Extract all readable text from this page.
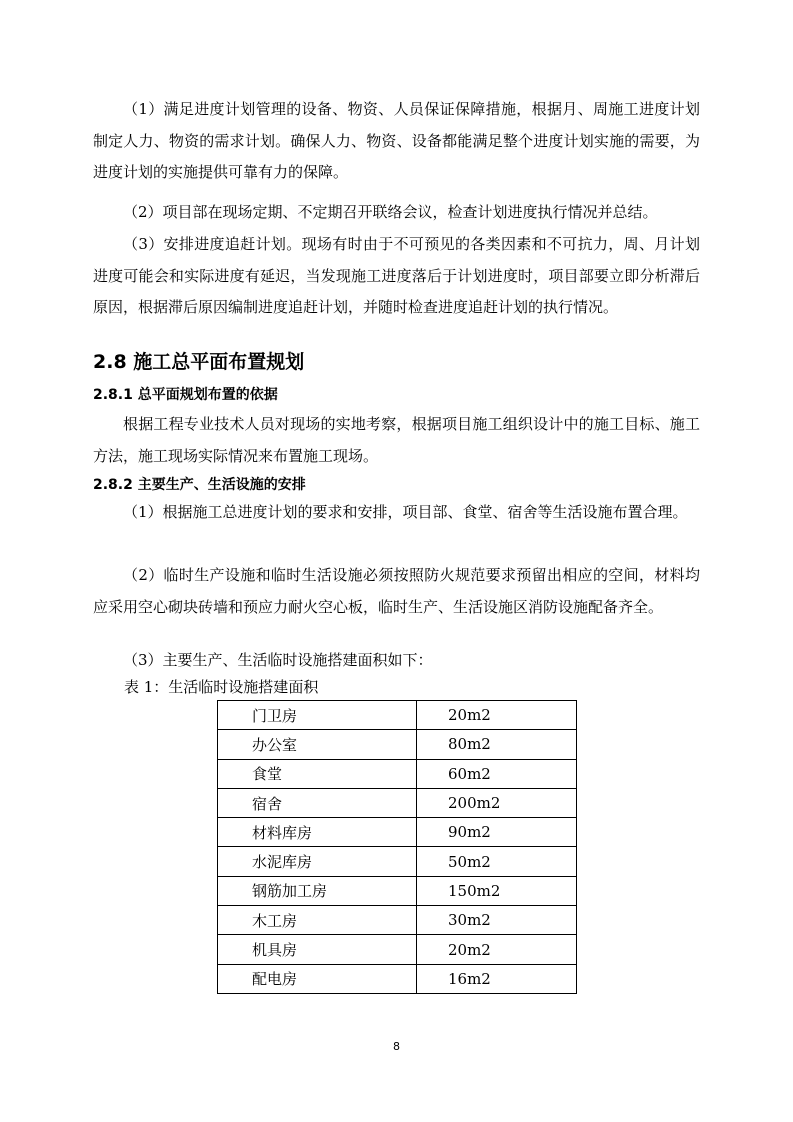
（1）满足进度计划管理的设备、物资、人员保证保障措施，根据月、周施工进度计划制定人力、物资的需求计划。确保人力、物资、设备都能满足整个进度计划实施的需要，为进度计划的实施提供可靠有力的保障。

（2）项目部在现场定期、不定期召开联络会议，检查计划进度执行情况并总结。

（3）安排进度追赶计划。现场有时由于不可预见的各类因素和不可抗力，周、月计划进度可能会和实际进度有延迟，当发现施工进度落后于计划进度时，项目部要立即分析滞后原因，根据滞后原因编制进度追赶计划，并随时检查进度追赶计划的执行情况。

2.8 施工总平面布置规划
2.8.1 总平面规划布置的依据

根据工程专业技术人员对现场的实地考察，根据项目施工组织设计中的施工目标、施工方法，施工现场实际情况来布置施工现场。

2.8.2 主要生产、生活设施的安排

（1）根据施工总进度计划的要求和安排，项目部、食堂、宿舍等生活设施布置合理。

（2）临时生产设施和临时生活设施必须按照防火规范要求预留出相应的空间，材料均应采用空心砌块砖墙和预应力耐火空心板，临时生产、生活设施区消防设施配备齐全。

（3）主要生产、生活临时设施搭建面积如下：

表 1：生活临时设施搭建面积

门卫房	20m2
办公室	80m2
食堂	60m2
宿舍	200m2
材料库房	90m2
水泥库房	50m2
钢筋加工房	150m2
木工房	30m2
机具房	20m2
配电房	16m2
8
